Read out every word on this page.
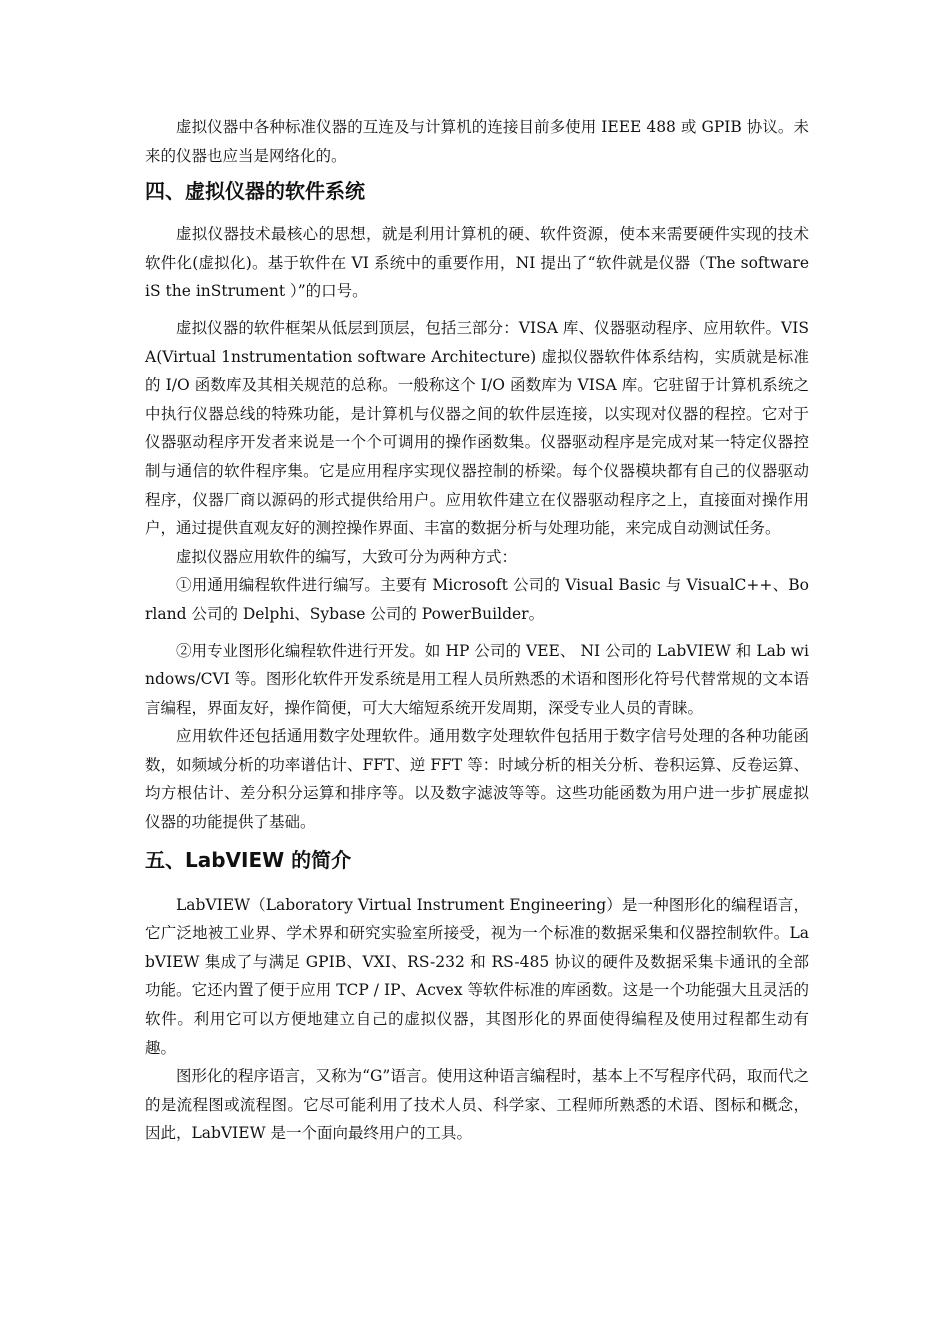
虚拟仪器中各种标准仪器的互连及与计算机的连接目前多使用 IEEE 488 或 GPIB 协议。未来的仪器也应当是网络化的。

四、虚拟仪器的软件系统

虚拟仪器技术最核心的思想，就是利用计算机的硬、软件资源，使本来需要硬件实现的技术软件化(虚拟化)。基于软件在 VI 系统中的重要作用，NI 提出了“软件就是仪器（The software iS the inStrument ）”的口号。

虚拟仪器的软件框架从低层到顶层，包括三部分：VISA 库、仪器驱动程序、应用软件。VISA(Virtual 1nstrumentation software Architecture) 虚拟仪器软件体系结构，实质就是标准的 I/O 函数库及其相关规范的总称。一般称这个 I/O 函数库为 VISA 库。它驻留于计算机系统之中执行仪器总线的特殊功能，是计算机与仪器之间的软件层连接，以实现对仪器的程控。它对于仪器驱动程序开发者来说是一个个可调用的操作函数集。仪器驱动程序是完成对某一特定仪器控制与通信的软件程序集。它是应用程序实现仪器控制的桥梁。每个仪器模块都有自己的仪器驱动程序，仪器厂商以源码的形式提供给用户。应用软件建立在仪器驱动程序之上，直接面对操作用户，通过提供直观友好的测控操作界面、丰富的数据分析与处理功能，来完成自动测试任务。

虚拟仪器应用软件的编写，大致可分为两种方式：

①用通用编程软件进行编写。主要有 Microsoft 公司的 Visual Basic 与 VisualC++、Borland 公司的 Delphi、Sybase 公司的 PowerBuilder。

②用专业图形化编程软件进行开发。如 HP 公司的 VEE、 NI 公司的 LabVIEW 和 Lab windows/CVI 等。图形化软件开发系统是用工程人员所熟悉的术语和图形化符号代替常规的文本语言编程，界面友好，操作简便，可大大缩短系统开发周期，深受专业人员的青睐。

应用软件还包括通用数字处理软件。通用数字处理软件包括用于数字信号处理的各种功能函数，如频域分析的功率谱估计、FFT、逆 FFT 等：时域分析的相关分析、卷积运算、反卷运算、均方根估计、差分积分运算和排序等。以及数字滤波等等。这些功能函数为用户进一步扩展虚拟仪器的功能提供了基础。

五、LabVIEW 的简介

LabVIEW（Laboratory Virtual Instrument Engineering）是一种图形化的编程语言，它广泛地被工业界、学术界和研究实验室所接受，视为一个标准的数据采集和仪器控制软件。LabVIEW 集成了与满足 GPIB、VXI、RS-232 和 RS-485 协议的硬件及数据采集卡通讯的全部功能。它还内置了便于应用 TCP / IP、Acvex 等软件标准的库函数。这是一个功能强大且灵活的软件。利用它可以方便地建立自己的虚拟仪器，其图形化的界面使得编程及使用过程都生动有趣。

图形化的程序语言，又称为“G”语言。使用这种语言编程时，基本上不写程序代码，取而代之的是流程图或流程图。它尽可能利用了技术人员、科学家、工程师所熟悉的术语、图标和概念，因此，LabVIEW 是一个面向最终用户的工具。
